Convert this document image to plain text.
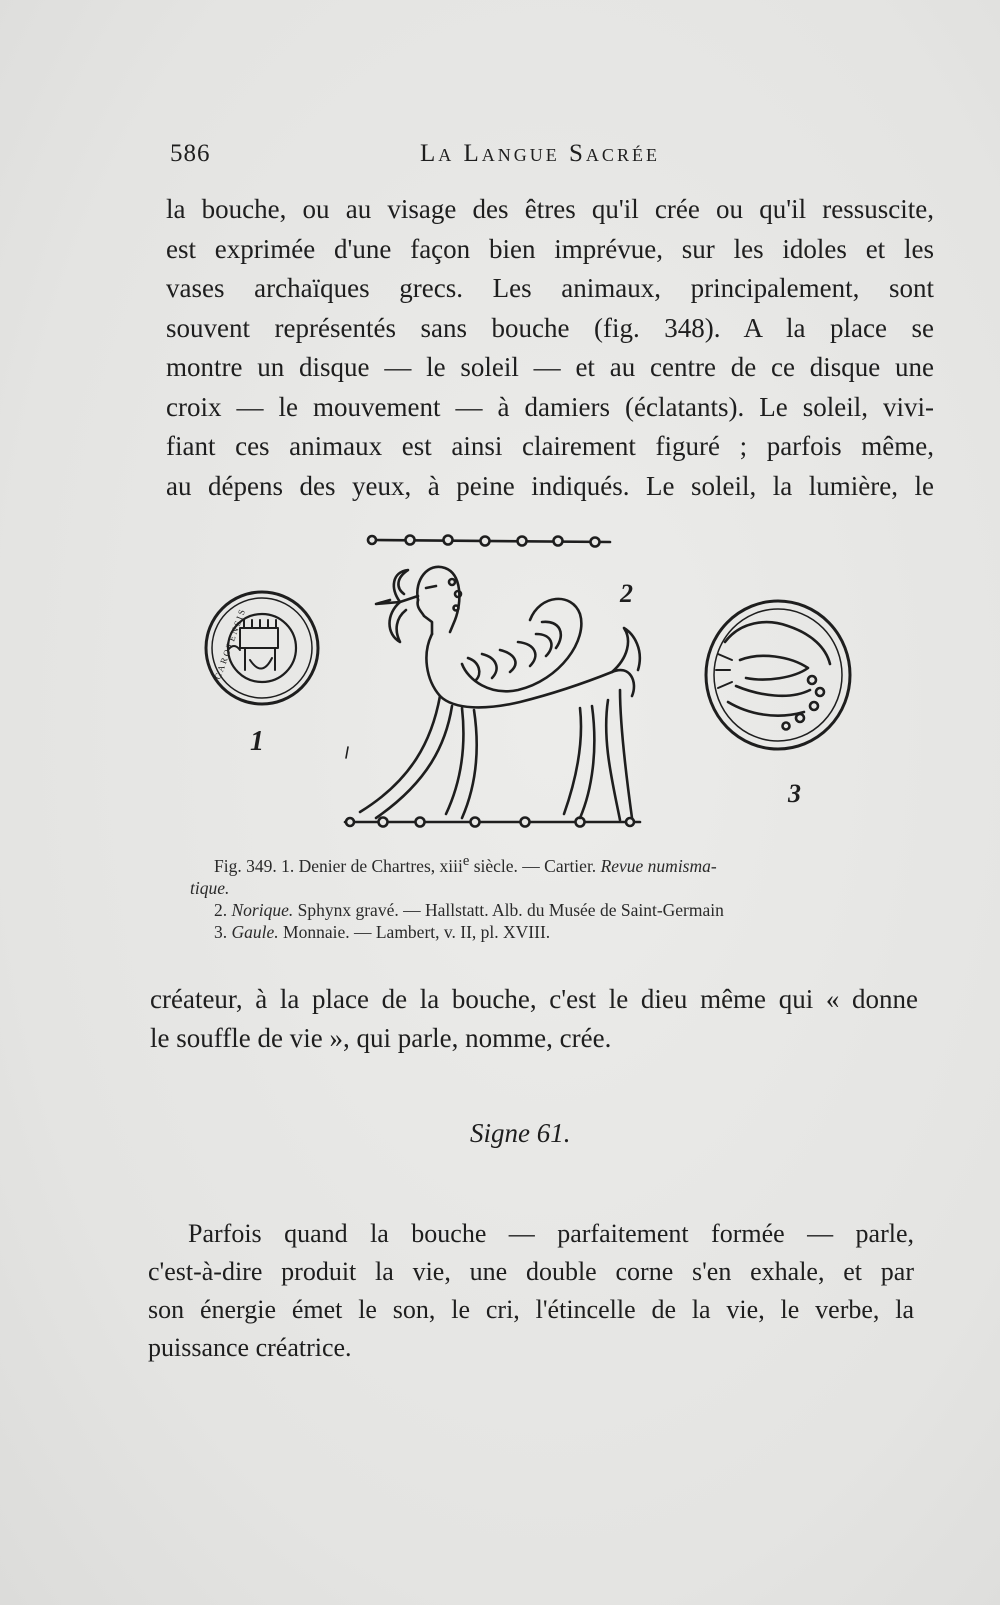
586	La Langue Sacrée
la bouche, ou au visage des êtres qu'il crée ou qu'il ressuscite,
est exprimée d'une façon bien imprévue, sur les idoles et les
vases archaïques grecs. Les animaux, principalement, sont
souvent représentés sans bouche (fig. 348). A la place se
montre un disque — le soleil — et au centre de ce disque une
croix — le mouvement — à damiers (éclatants). Le soleil, vivi-
fiant ces animaux est ainsi clairement figuré ; parfois même,
au dépens des yeux, à peine indiqués. Le soleil, la lumière, le
1
2
3
CAROTENSIS
Fig. 349. 1. Denier de Chartres, xiii$^e$ siècle. — Cartier. Revue numisma-
tique.
2. Norique. Sphynx gravé. — Hallstatt. Alb. du Musée de Saint-Germain
3. Gaule. Monnaie. — Lambert, v. II, pl. XVIII.
créateur, à la place de la bouche, c'est le dieu même qui « donne
le souffle de vie », qui parle, nomme, crée.
Signe 61.
Parfois quand la bouche — parfaitement formée — parle,
c'est-à-dire produit la vie, une double corne s'en exhale, et par
son énergie émet le son, le cri, l'étincelle de la vie, le verbe, la
puissance créatrice.
